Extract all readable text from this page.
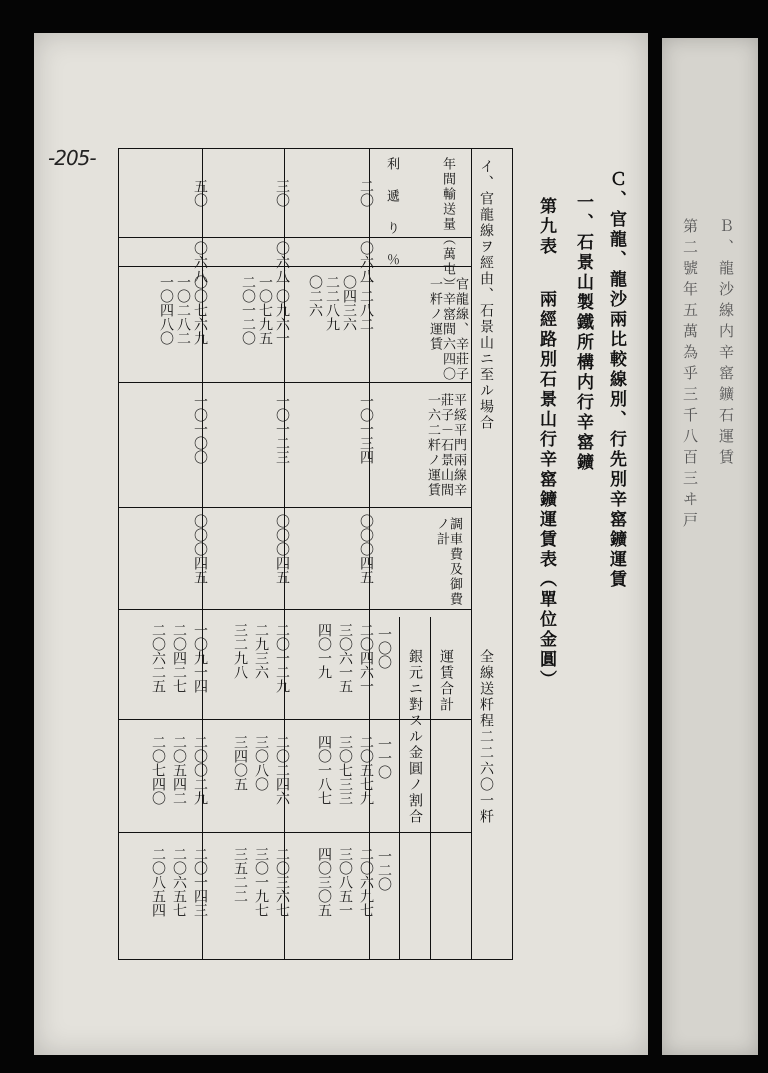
Ｂ、龍沙線内辛窰鑛石運賃
第二號年五萬為乎三千八百三ヰ戸
-205-
Ｃ、官龍、龍沙兩比較線別、行先別辛窰鑛運賃
一、石景山製鐵所構内行辛窰鑛
第九表
兩經路別石景山行辛窰鑛運賃表（單位金圓）
イ、官龍線ヲ經由、石景山ニ至ル場合
全線送粁程二二六〇一粁
年間輸送量（萬屯）
利 遞 り ％
官龍線、辛莊子－辛窰間六四〇一粁ノ運賃
平綏平門兩線辛莊子－石景山間一六二粁ノ運賃
調車費及御費ノ計
運賃合計
銀元ニ對スル金圓ノ割合
一〇〇
一一〇
一二〇
二〇
〇六八
一二八二
〇四三六
二二八九
〇二六
一〇一三四
〇〇〇四五
二〇四六一
三〇六一五
四〇一九
二〇五七九
三〇七三三
四〇一八七
二〇六九七
三〇八五一
四〇三〇五
三〇
〇六八
一〇九六一
一〇七九五
二〇一二〇
一〇一二三
〇〇〇四五
二〇一二九
二九三六
三二九八
二〇二四六
三〇八〇
三四〇五
二〇三六七
三〇一九七
三五二二
五〇
〇六八
〇〇七六九
一〇二八二
一〇四八〇
一〇一〇〇
〇〇〇四五
一〇九一四
二〇四二七
二〇六二五
二〇〇二九
二〇五四二
二〇七四〇
二〇一四三
二〇六五七
二〇八五四
